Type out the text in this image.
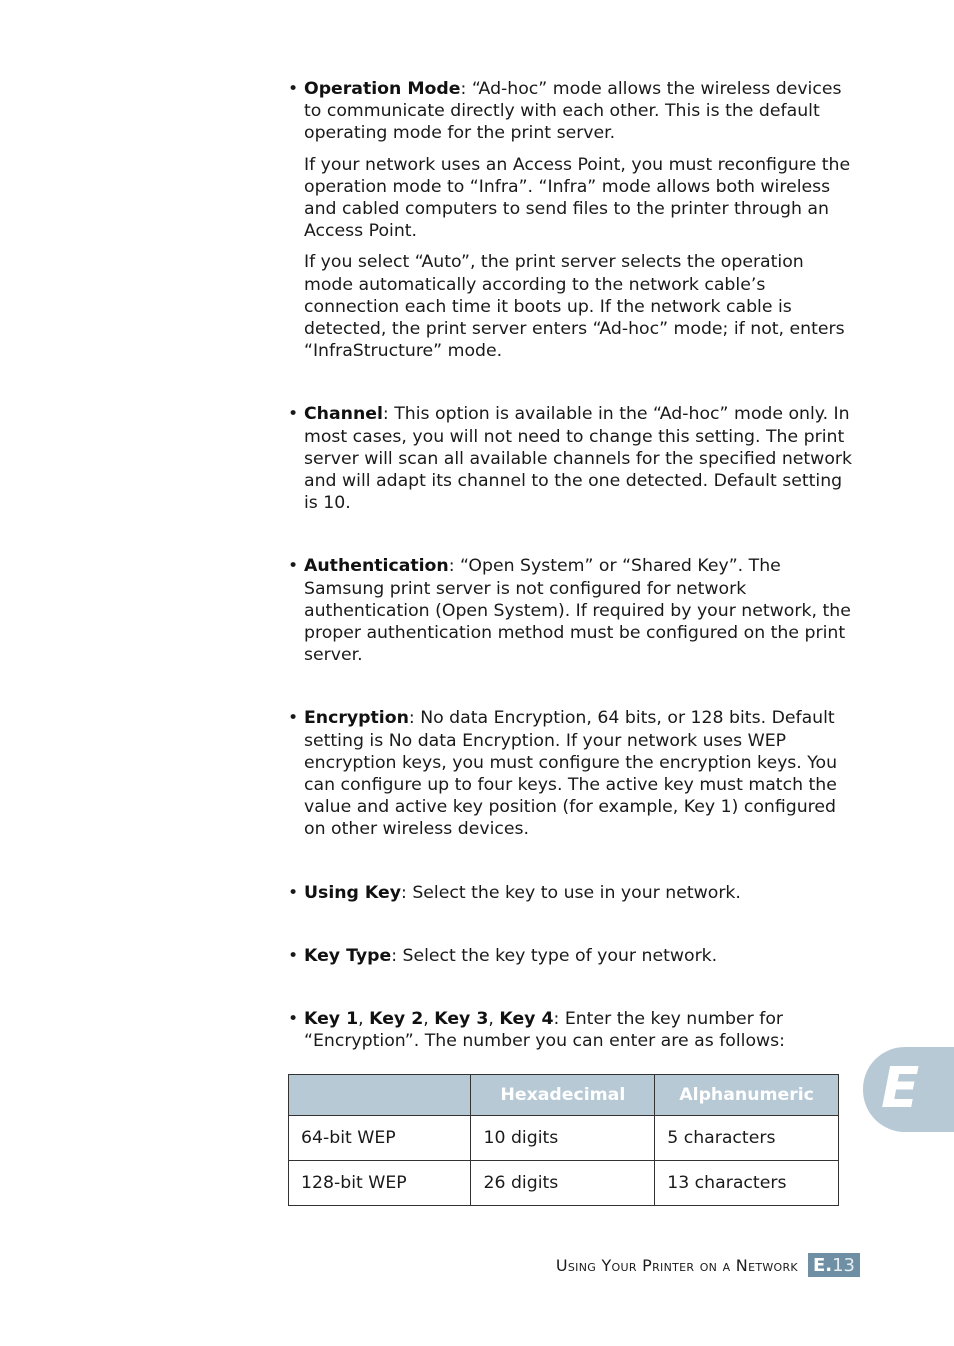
• Operation Mode: “Ad-hoc” mode allows the wireless devices to communicate directly with each other. This is the default operating mode for the print server.

If your network uses an Access Point, you must reconfigure the operation mode to “Infra”. “Infra” mode allows both wireless and cabled computers to send files to the printer through an Access Point.

If you select “Auto”, the print server selects the operation mode automatically according to the network cable’s connection each time it boots up. If the network cable is detected, the print server enters “Ad-hoc” mode; if not, enters “InfraStructure” mode.

• Channel: This option is available in the “Ad-hoc” mode only. In most cases, you will not need to change this setting. The print server will scan all available channels for the specified network and will adapt its channel to the one detected. Default setting is 10.

• Authentication: “Open System” or “Shared Key”. The Samsung print server is not configured for network authentication (Open System). If required by your network, the proper authentication method must be configured on the print server.

• Encryption: No data Encryption, 64 bits, or 128 bits. Default setting is No data Encryption. If your network uses WEP encryption keys, you must configure the encryption keys. You can configure up to four keys. The active key must match the value and active key position (for example, Key 1) configured on other wireless devices.

• Using Key: Select the key to use in your network.

• Key Type: Select the key type of your network.

• Key 1, Key 2, Key 3, Key 4: Enter the key number for “Encryption”. The number you can enter are as follows:

	Hexadecimal	Alphanumeric
64-bit WEP	10 digits	5 characters
128-bit WEP	26 digits	13 characters
E
Using Your Printer on a Network E. 13
